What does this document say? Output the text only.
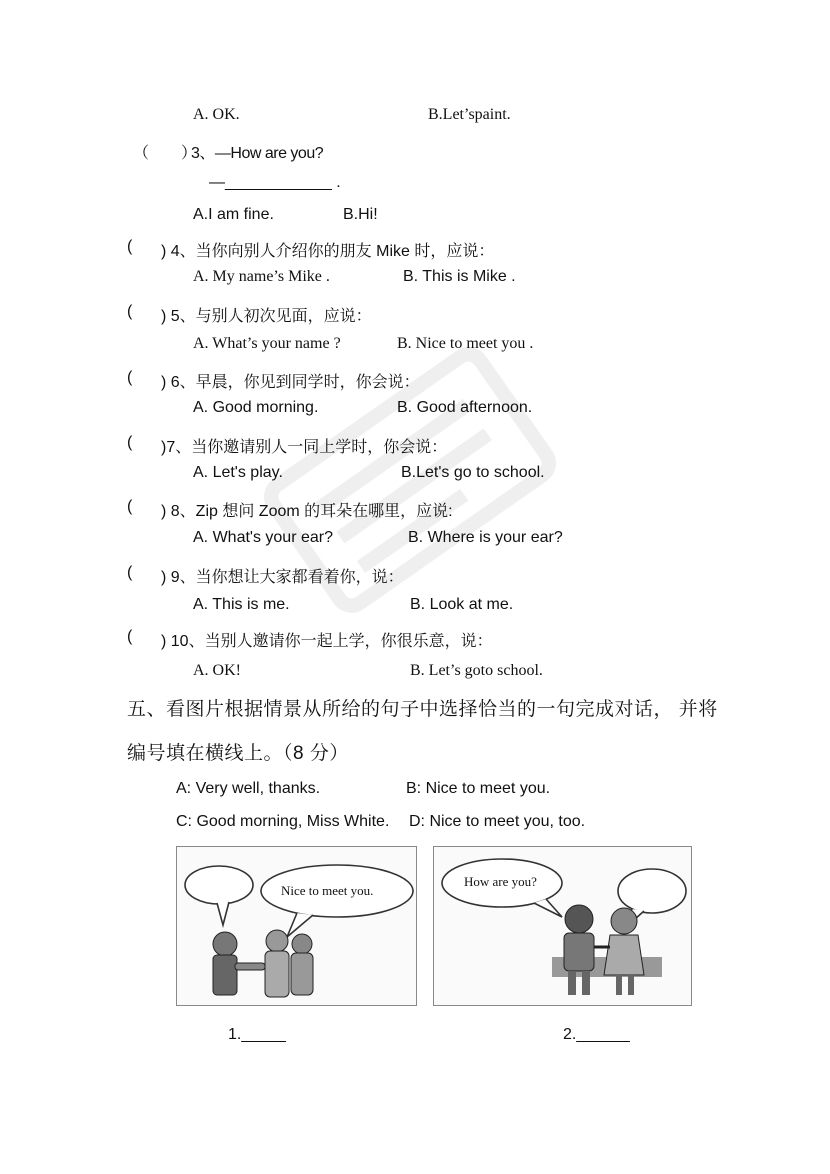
A. OK.	B.Let’spaint.
（　　）
3、—How are you?
—____________ .
A.I am fine.	B.Hi!
( ) 4、当你向别人介绍你的朋友 Mike 时，应说：
A. My name’s Mike .	B. This is Mike .
( ) 5、与别人初次见面，应说：
A. What’s your name ?	B. Nice to meet you .
( ) 6、早晨，你见到同学时，你会说：
A. Good morning.	B. Good afternoon.
( )7、当你邀请别人一同上学时，你会说：
A. Let's play.	B.Let's go to school.
( ) 8、Zip 想问 Zoom 的耳朵在哪里，应说:
A. What's your ear?	B. Where is your ear?
( ) 9、当你想让大家都看着你，说：
A. This is me.	B. Look at me.
( ) 10、当别人邀请你一起上学，你很乐意，说：
A. OK!	B. Let’s goto school.
五、看图片根据情景从所给的句子中选择恰当的一句完成对话， 并将
编号填在横线上。（8 分）
A: Very well, thanks.	B: Nice to meet you.
C: Good morning, Miss White. D: Nice to meet you, too.
Nice to meet you.
How are you?
1._____	2.______
